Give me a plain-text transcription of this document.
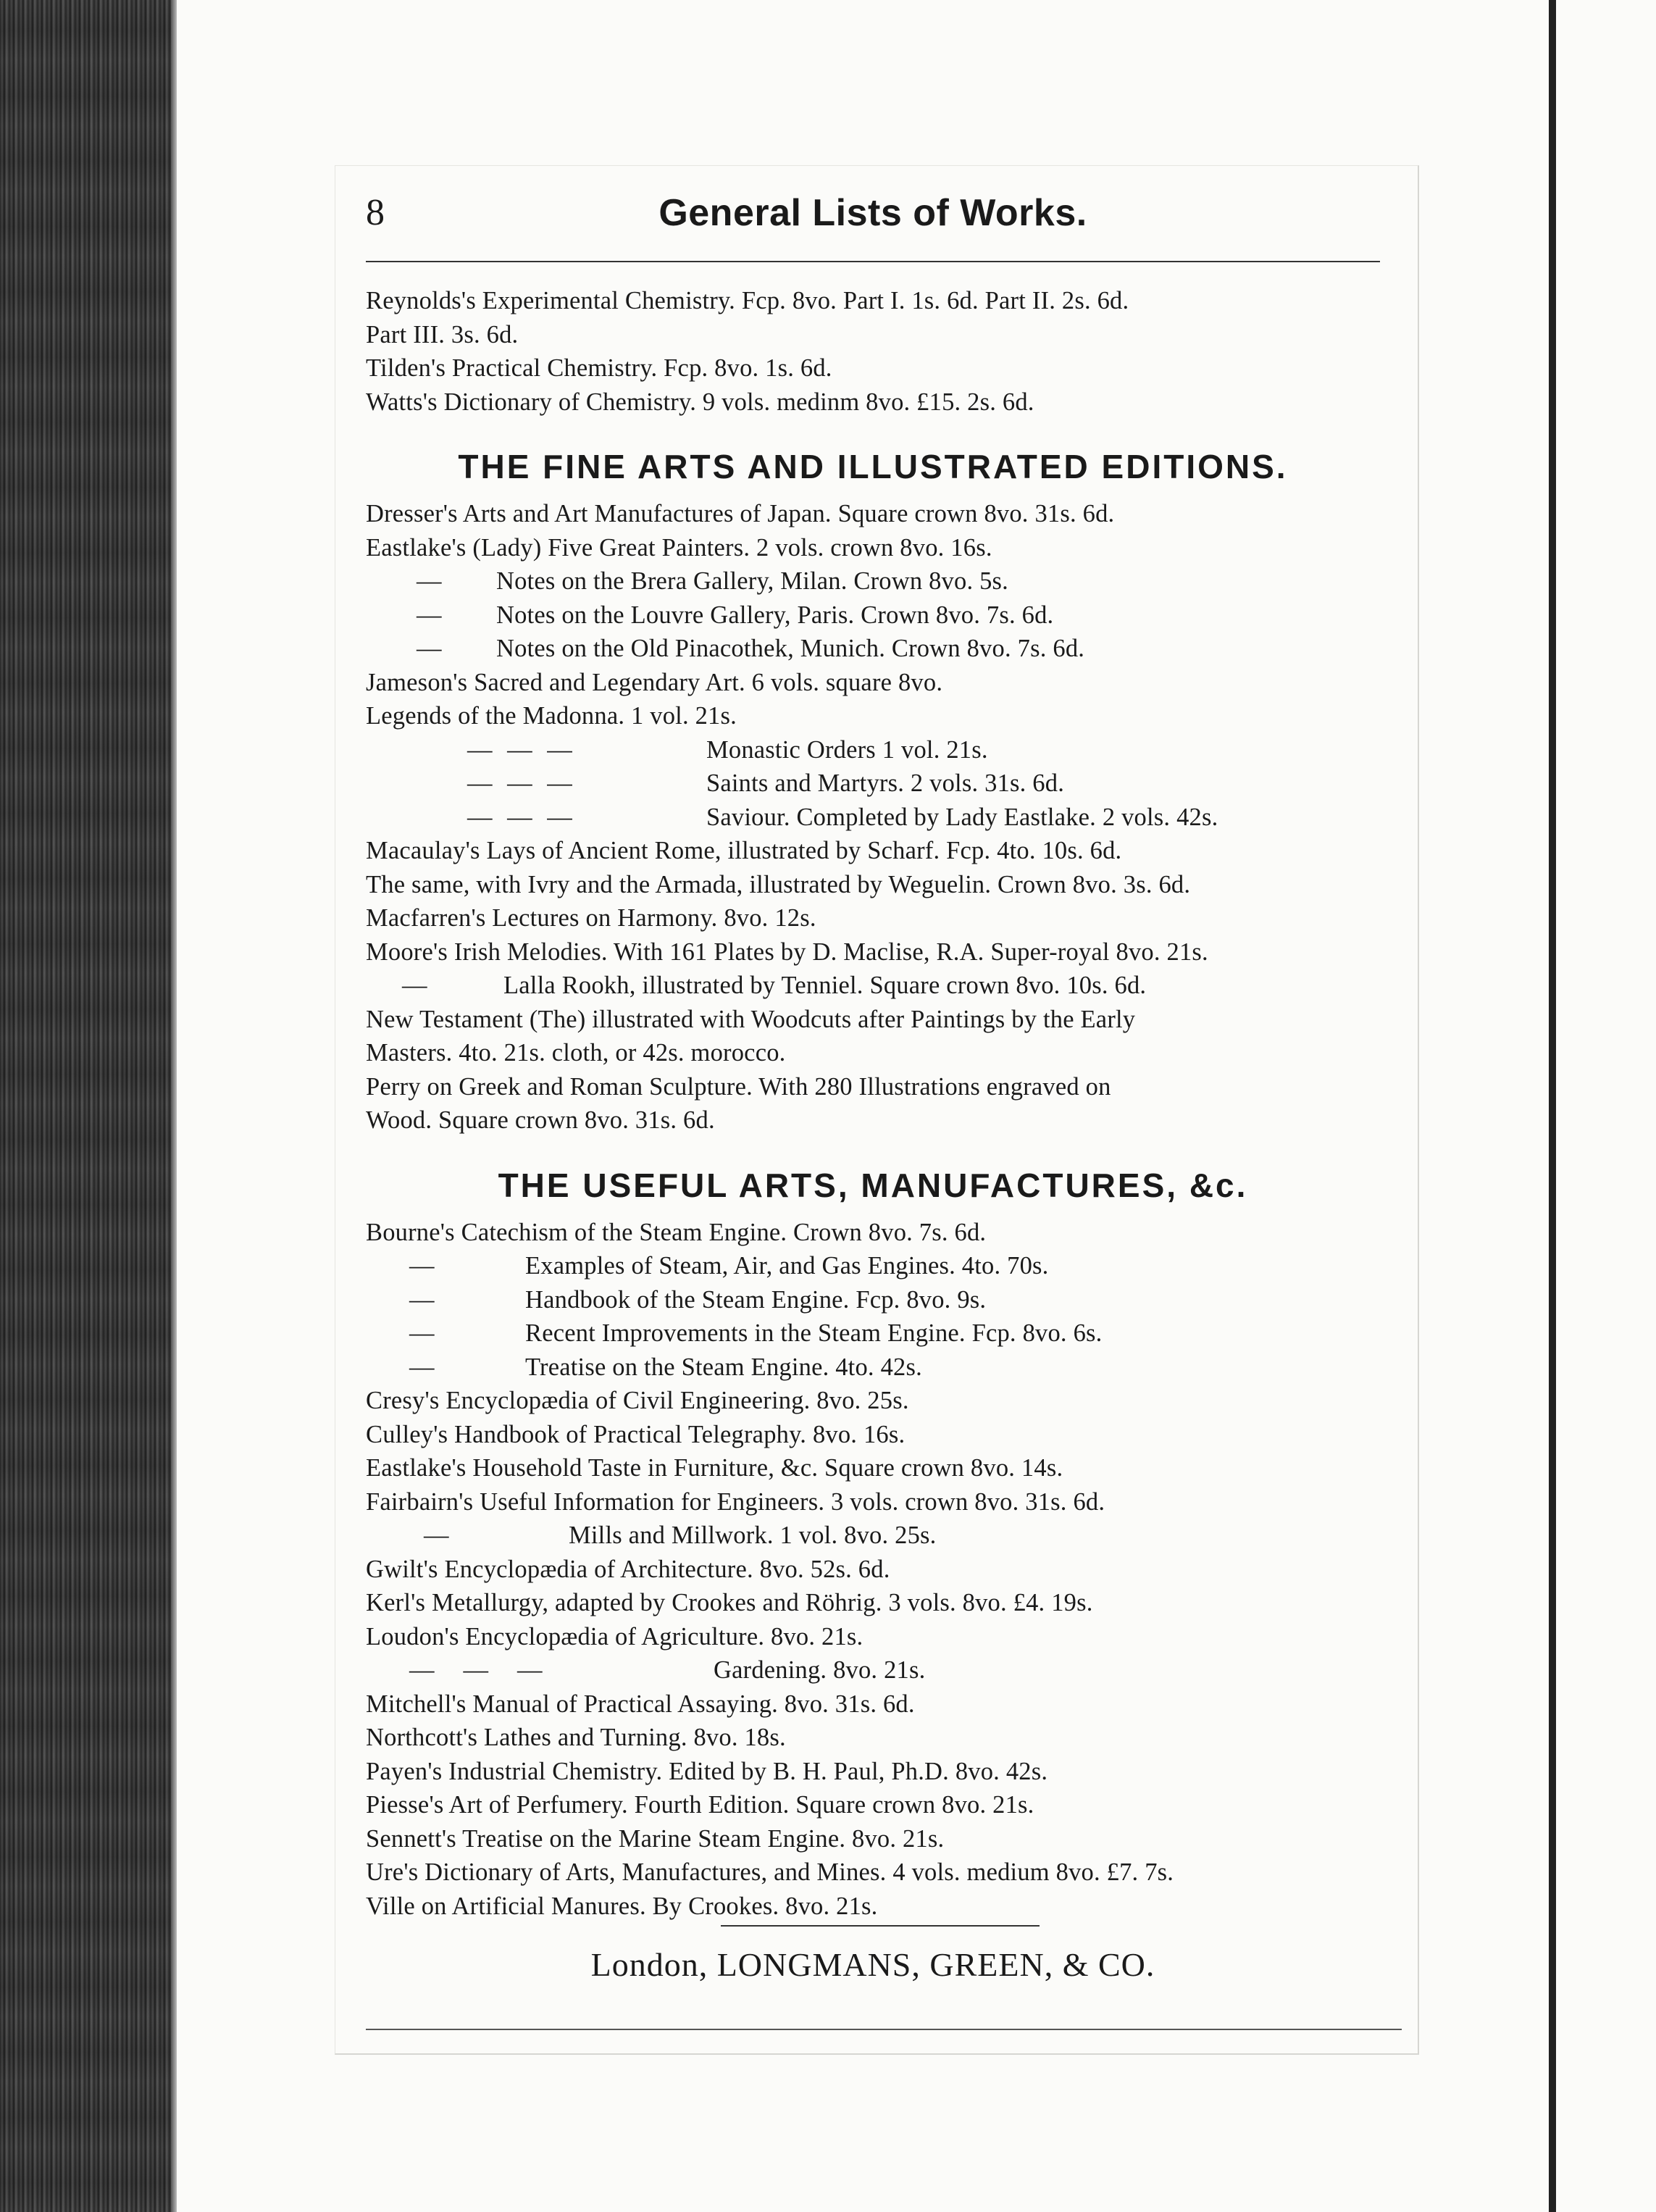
8	General Lists of Works.

Reynolds's Experimental Chemistry. Fcp. 8vo. Part I. 1s. 6d. Part II. 2s. 6d.

Part III. 3s. 6d.

Tilden's Practical Chemistry. Fcp. 8vo. 1s. 6d.

Watts's Dictionary of Chemistry. 9 vols. medinm 8vo. £15. 2s. 6d.

THE FINE ARTS AND ILLUSTRATED EDITIONS.

Dresser's Arts and Art Manufactures of Japan. Square crown 8vo. 31s. 6d.

Eastlake's (Lady) Five Great Painters. 2 vols. crown 8vo. 16s.

— Notes on the Brera Gallery, Milan. Crown 8vo. 5s.

— Notes on the Louvre Gallery, Paris. Crown 8vo. 7s. 6d.

— Notes on the Old Pinacothek, Munich. Crown 8vo. 7s. 6d.

Jameson's Sacred and Legendary Art. 6 vols. square 8vo.

Legends of the Madonna. 1 vol. 21s.

— — —	Monastic Orders 1 vol. 21s.

— — —	Saints and Martyrs. 2 vols. 31s. 6d.

— — —	Saviour. Completed by Lady Eastlake. 2 vols. 42s.

Macaulay's Lays of Ancient Rome, illustrated by Scharf. Fcp. 4to. 10s. 6d.

The same, with Ivry and the Armada, illustrated by Weguelin. Crown 8vo. 3s. 6d.

Macfarren's Lectures on Harmony. 8vo. 12s.

Moore's Irish Melodies. With 161 Plates by D. Maclise, R.A. Super-royal 8vo. 21s.

—	Lalla Rookh, illustrated by Tenniel. Square crown 8vo. 10s. 6d.

New Testament (The) illustrated with Woodcuts after Paintings by the Early

Masters. 4to. 21s. cloth, or 42s. morocco.

Perry on Greek and Roman Sculpture. With 280 Illustrations engraved on

Wood. Square crown 8vo. 31s. 6d.

THE USEFUL ARTS, MANUFACTURES, &c.

Bourne's Catechism of the Steam Engine. Crown 8vo. 7s. 6d.

—	Examples of Steam, Air, and Gas Engines. 4to. 70s.

—	Handbook of the Steam Engine. Fcp. 8vo. 9s.

—	Recent Improvements in the Steam Engine. Fcp. 8vo. 6s.

—	Treatise on the Steam Engine. 4to. 42s.

Cresy's Encyclopædia of Civil Engineering. 8vo. 25s.

Culley's Handbook of Practical Telegraphy. 8vo. 16s.

Eastlake's Household Taste in Furniture, &c. Square crown 8vo. 14s.

Fairbairn's Useful Information for Engineers. 3 vols. crown 8vo. 31s. 6d.

—	Mills and Millwork. 1 vol. 8vo. 25s.

Gwilt's Encyclopædia of Architecture. 8vo. 52s. 6d.

Kerl's Metallurgy, adapted by Crookes and Röhrig. 3 vols. 8vo. £4. 19s.

Loudon's Encyclopædia of Agriculture. 8vo. 21s.

———	Gardening. 8vo. 21s.

Mitchell's Manual of Practical Assaying. 8vo. 31s. 6d.

Northcott's Lathes and Turning. 8vo. 18s.

Payen's Industrial Chemistry. Edited by B. H. Paul, Ph.D. 8vo. 42s.

Piesse's Art of Perfumery. Fourth Edition. Square crown 8vo. 21s.

Sennett's Treatise on the Marine Steam Engine. 8vo. 21s.

Ure's Dictionary of Arts, Manufactures, and Mines. 4 vols. medium 8vo. £7. 7s.

Ville on Artificial Manures. By Crookes. 8vo. 21s.

London, LONGMANS, GREEN, & CO.
